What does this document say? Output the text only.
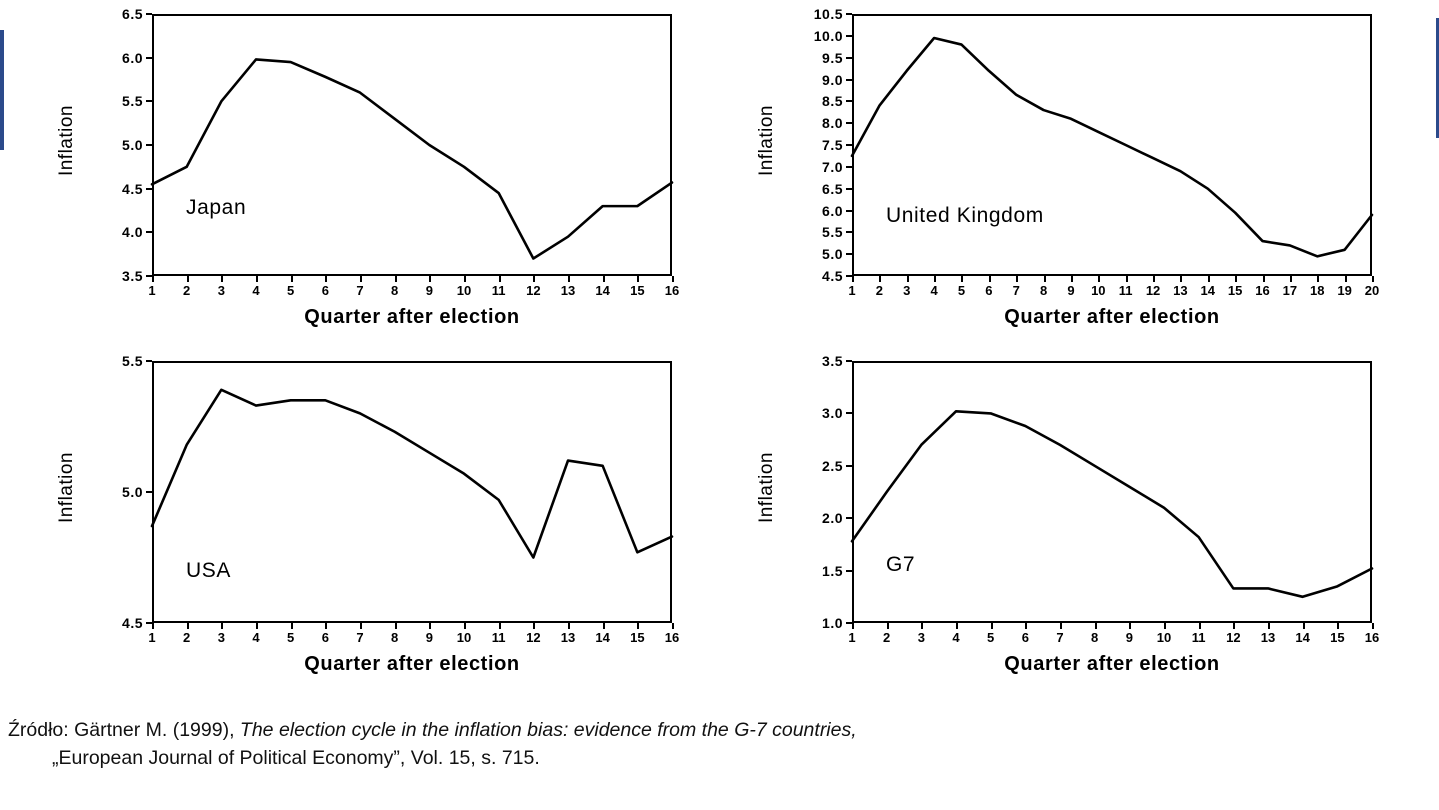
Inflation
3.5
4.0
4.5
5.0
5.5
6.0
6.5
1 2 3 4 5 6 7 8 9 10 11 12 13 14 15 16
Japan
Quarter after election
Inflation
4.5
5.0
5.5
6.0
6.5
7.0
7.5
8.0
8.5
9.0
9.5
10.0
10.5
1 2 3 4 5 6 7 8 9 10 11 12 13 14 15 16 17 18 19 20
United Kingdom
Quarter after election
Inflation
4.5
5.0
5.5
1 2 3 4 5 6 7 8 9 10 11 12 13 14 15 16
USA
Quarter after election
Inflation
1.0
1.5
2.0
2.5
3.0
3.5
1 2 3 4 5 6 7 8 9 10 11 12 13 14 15 16
G7
Quarter after election
Źródło: Gärtner M. (1999), The election cycle in the inflation bias: evidence from the G-7 countries,
„European Journal of Political Economy”, Vol. 15, s. 715.
